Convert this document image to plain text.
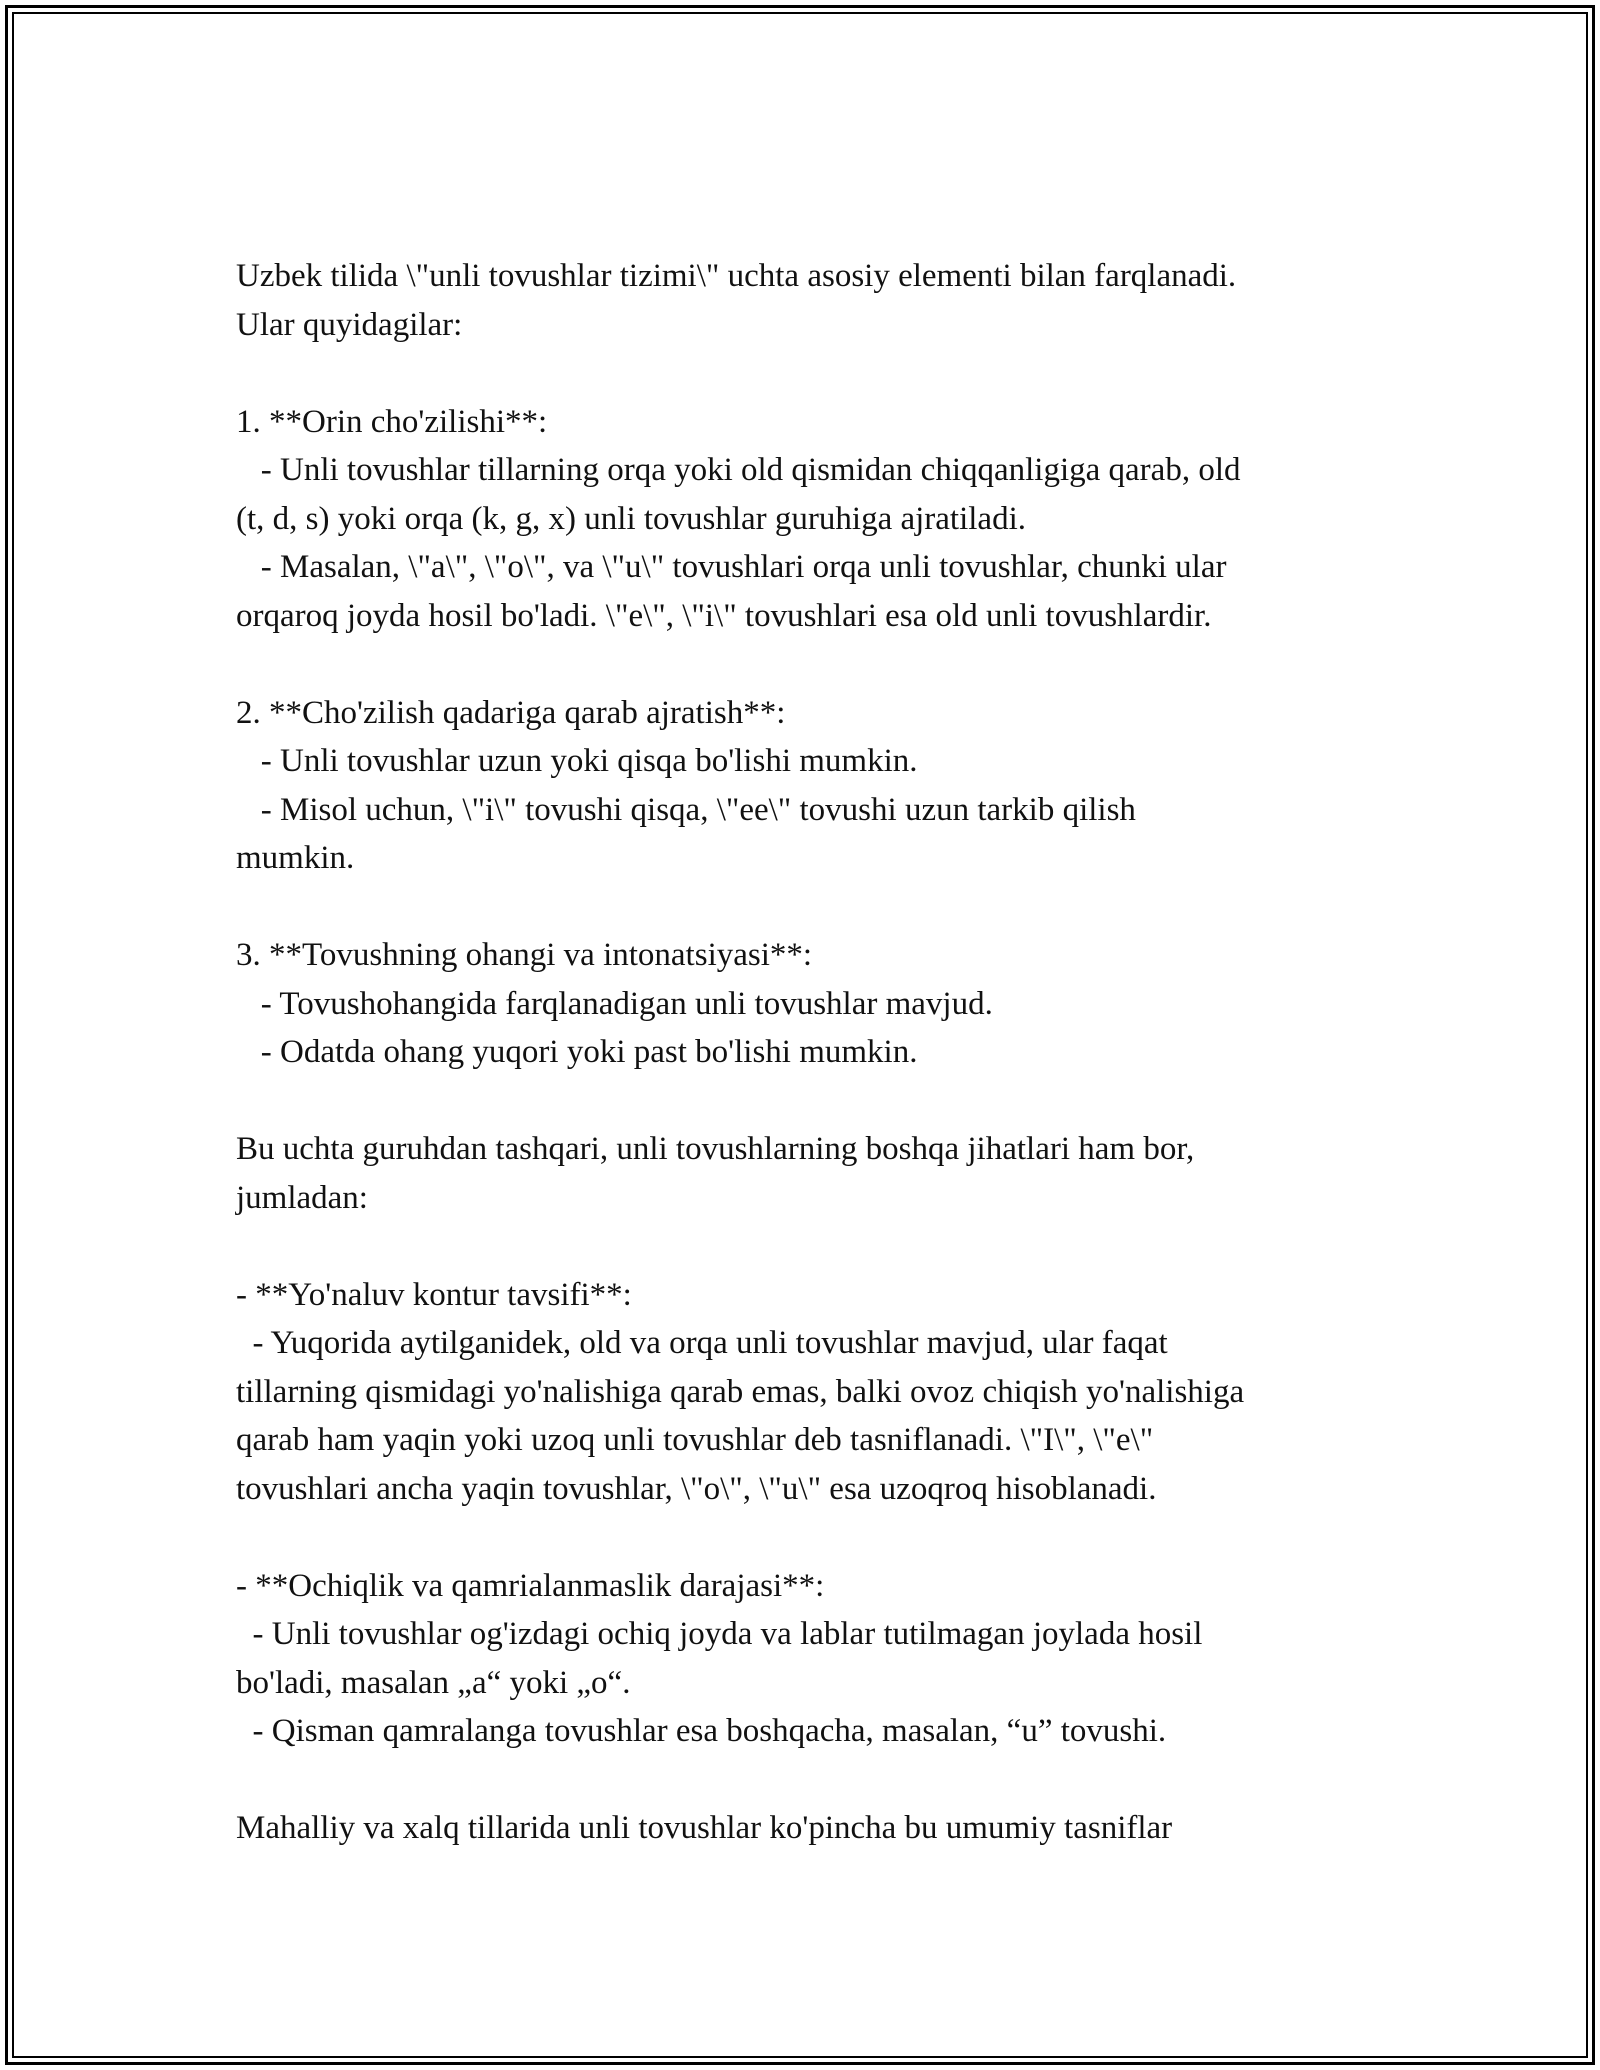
Uzbek tilida \"unli tovushlar tizimi\" uchta asosiy elementi bilan farqlanadi.
Ular quyidagilar:
1. **Orin cho'zilishi**:
- Unli tovushlar tillarning orqa yoki old qismidan chiqqanligiga qarab, old
(t, d, s) yoki orqa (k, g, x) unli tovushlar guruhiga ajratiladi.
- Masalan, \"a\", \"o\", va \"u\" tovushlari orqa unli tovushlar, chunki ular
orqaroq joyda hosil bo'ladi. \"e\", \"i\" tovushlari esa old unli tovushlardir.
2. **Cho'zilish qadariga qarab ajratish**:
- Unli tovushlar uzun yoki qisqa bo'lishi mumkin.
- Misol uchun, \"i\" tovushi qisqa, \"ee\" tovushi uzun tarkib qilish
mumkin.
3. **Tovushning ohangi va intonatsiyasi**:
- Tovushohangida farqlanadigan unli tovushlar mavjud.
- Odatda ohang yuqori yoki past bo'lishi mumkin.
Bu uchta guruhdan tashqari, unli tovushlarning boshqa jihatlari ham bor,
jumladan:
- **Yo'naluv kontur tavsifi**:
- Yuqorida aytilganidek, old va orqa unli tovushlar mavjud, ular faqat
tillarning qismidagi yo'nalishiga qarab emas, balki ovoz chiqish yo'nalishiga
qarab ham yaqin yoki uzoq unli tovushlar deb tasniflanadi. \"I\", \"e\"
tovushlari ancha yaqin tovushlar, \"o\", \"u\" esa uzoqroq hisoblanadi.
- **Ochiqlik va qamrialanmaslik darajasi**:
- Unli tovushlar og'izdagi ochiq joyda va lablar tutilmagan joylada hosil
bo'ladi, masalan „a“ yoki „o“.
- Qisman qamralanga tovushlar esa boshqacha, masalan, “u” tovushi.
Mahalliy va xalq tillarida unli tovushlar ko'pincha bu umumiy tasniflar
